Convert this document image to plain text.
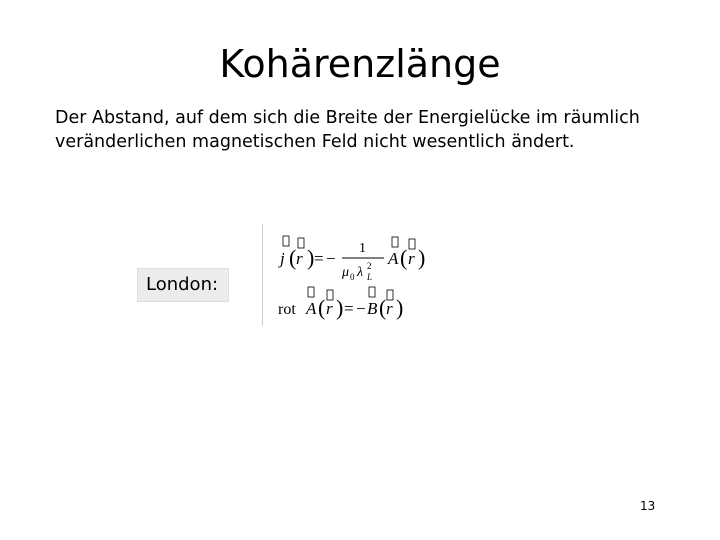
Kohärenzlänge
Der Abstand, auf dem sich die Breite der Energielücke im räumlich
veränderlichen magnetischen Feld nicht wesentlich ändert.
London:
j ( r ) = −
1
μ 0 λ 2
L
A ( r )
rot A ( r ) = − B ( r )
13
